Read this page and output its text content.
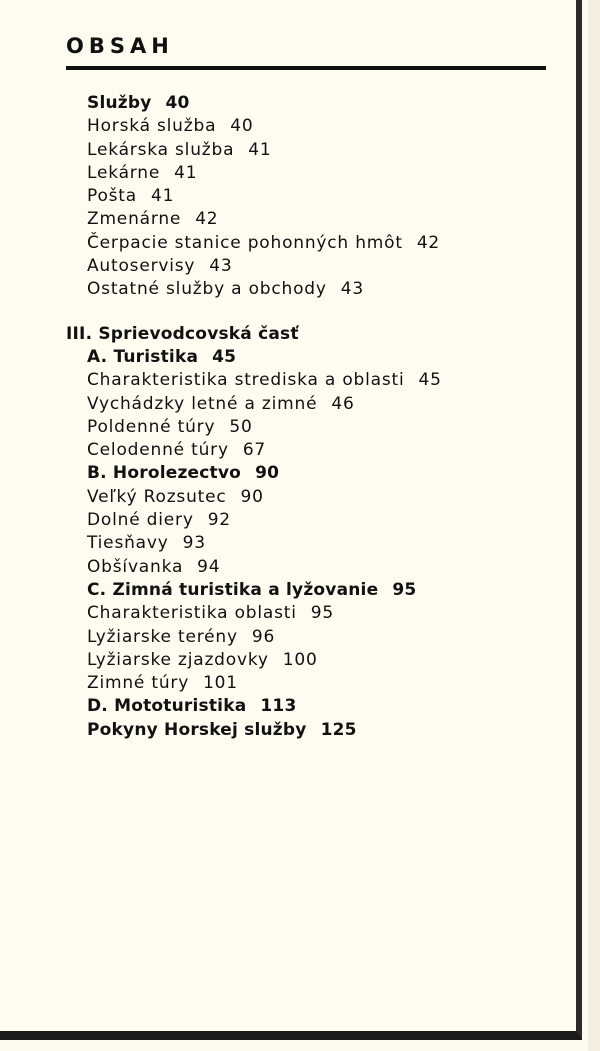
OBSAH
Služby 40
Horská služba 40
Lekárska služba 41
Lekárne 41
Pošta 41
Zmenárne 42
Čerpacie stanice pohonných hmôt 42
Autoservisy 43
Ostatné služby a obchody 43
III. Sprievodcovská časť
A. Turistika 45
Charakteristika strediska a oblasti 45
Vychádzky letné a zimné 46
Poldenné túry 50
Celodenné túry 67
B. Horolezectvo 90
Veľký Rozsutec 90
Dolné diery 92
Tiesňavy 93
Obšívanka 94
C. Zimná turistika a lyžovanie 95
Charakteristika oblasti 95
Lyžiarske terény 96
Lyžiarske zjazdovky 100
Zimné túry 101
D. Mototuristika 113
Pokyny Horskej služby 125
